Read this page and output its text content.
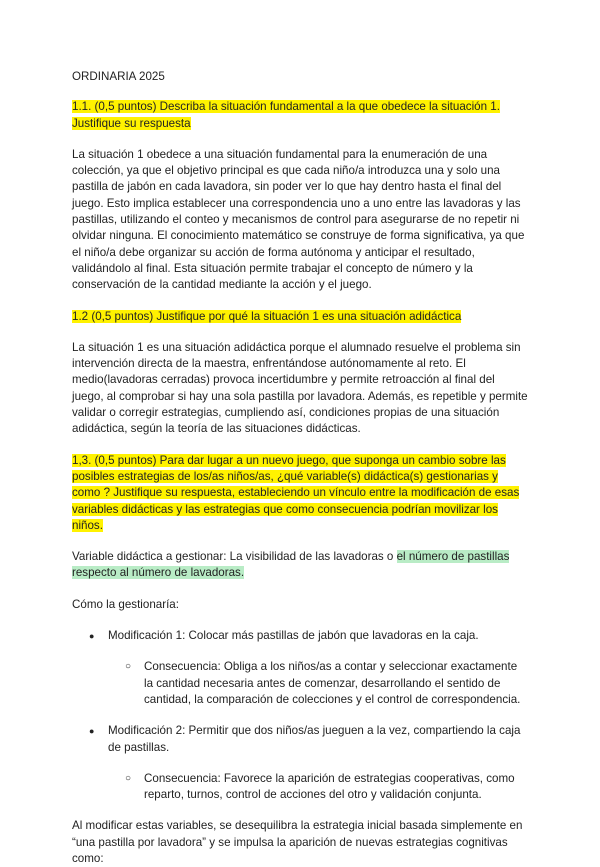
ORDINARIA 2025

1.1. (0,5 puntos) Describa la situación fundamental a la que obedece la situación 1. Justifique su respuesta

La situación 1 obedece a una situación fundamental para la enumeración de una colección, ya que el objetivo principal es que cada niño/a introduzca una y solo una pastilla de jabón en cada lavadora, sin poder ver lo que hay dentro hasta el final del juego. Esto implica establecer una correspondencia uno a uno entre las lavadoras y las pastillas, utilizando el conteo y mecanismos de control para asegurarse de no repetir ni olvidar ninguna. El conocimiento matemático se construye de forma significativa, ya que el niño/a debe organizar su acción de forma autónoma y anticipar el resultado, validándolo al final. Esta situación permite trabajar el concepto de número y la conservación de la cantidad mediante la acción y el juego.

1.2 (0,5 puntos) Justifique por qué la situación 1 es una situación adidáctica

La situación 1 es una situación adidáctica porque el alumnado resuelve el problema sin intervención directa de la maestra, enfrentándose autónomamente al reto. El medio(lavadoras cerradas) provoca incertidumbre y permite retroacción al final del juego, al comprobar si hay una sola pastilla por lavadora. Además, es repetible y permite validar o corregir estrategias, cumpliendo así, condiciones propias de una situación adidáctica, según la teoría de las situaciones didácticas.

1,3. (0,5 puntos) Para dar lugar a un nuevo juego, que suponga un cambio sobre las posibles estrategias de los/as niños/as, ¿qué variable(s) didáctica(s) gestionarias y como ? Justifique su respuesta, estableciendo un vínculo entre la modificación de esas variables didácticas y las estrategias que como consecuencia podrían movilizar los niños.

Variable didáctica a gestionar: La visibilidad de las lavadoras o el número de pastillas respecto al número de lavadoras.

Cómo la gestionaría:

● Modificación 1: Colocar más pastillas de jabón que lavadoras en la caja.
○ Consecuencia: Obliga a los niños/as a contar y seleccionar exactamente la cantidad necesaria antes de comenzar, desarrollando el sentido de cantidad, la comparación de colecciones y el control de correspondencia.
● Modificación 2: Permitir que dos niños/as jueguen a la vez, compartiendo la caja de pastillas.
○ Consecuencia: Favorece la aparición de estrategias cooperativas, como reparto, turnos, control de acciones del otro y validación conjunta.

Al modificar estas variables, se desequilibra la estrategia inicial basada simplemente en “una pastilla por lavadora” y se impulsa la aparición de nuevas estrategias cognitivas como:
